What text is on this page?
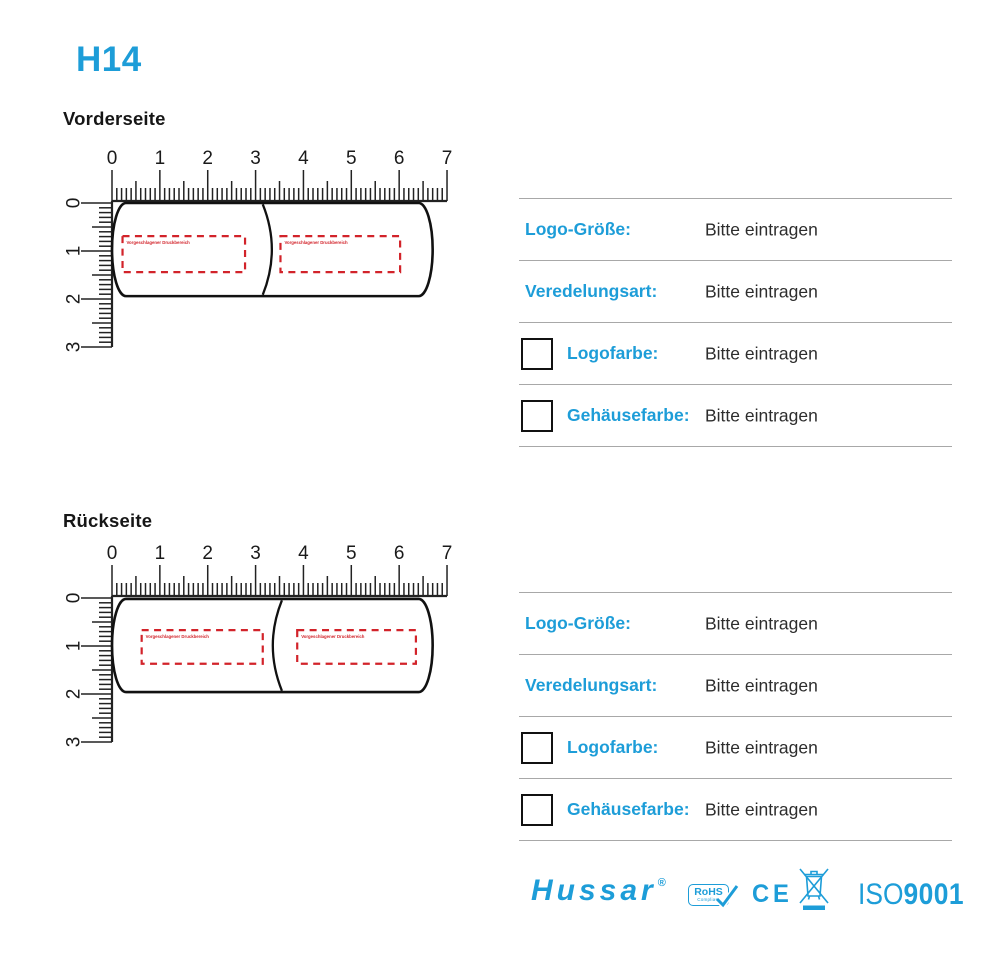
H14
Vorderseite
0 1 2 3 4 5 6 7
0
1
2
3
Vorgeschlagener Druckbereich	Vorgeschlagener Druckbereich
Logo-Größe:	Bitte eintragen
Veredelungsart:	Bitte eintragen
Logofarbe:	Bitte eintragen
Gehäusefarbe: Bitte eintragen
Rückseite
0 1 2 3 4 5 6 7
0
1
2
3
Vorgeschlagener Druckbereich	Vorgeschlagener Druckbereich
Logo-Größe:	Bitte eintragen
Veredelungsart:	Bitte eintragen
Logofarbe:	Bitte eintragen
Gehäusefarbe: Bitte eintragen
Hussar®
RoHS
Compliant	CE ISO9001
